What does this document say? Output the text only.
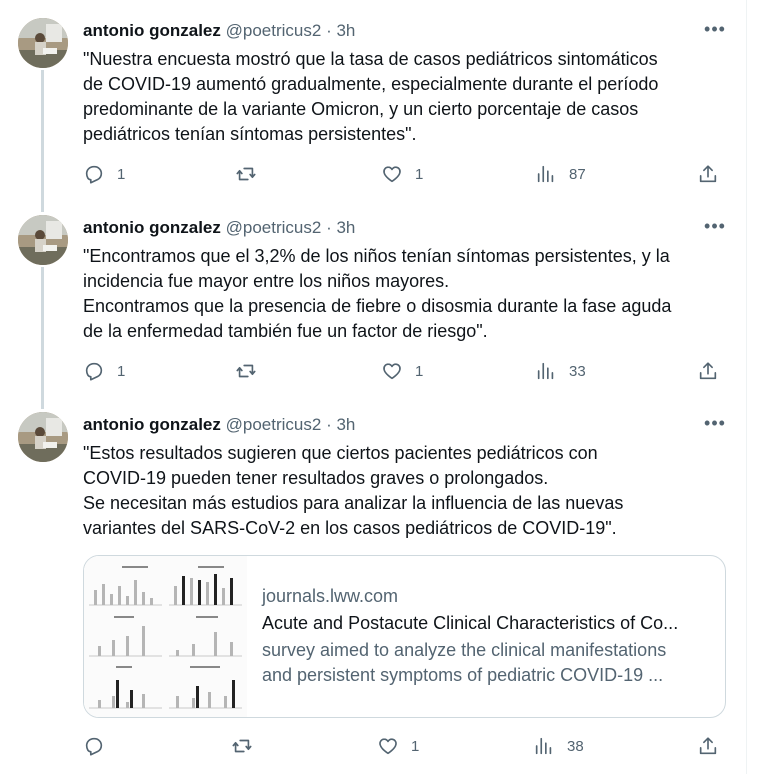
antonio gonzalez @poetricus2 · 3h	•••

"Nuestra encuesta mostró que la tasa de casos pediátricos sintomáticos

de COVID-19 aumentó gradualmente, especialmente durante el período

predominante de la variante Omicron, y un cierto porcentaje de casos

pediátricos tenían síntomas persistentes".

1	1	87
antonio gonzalez @poetricus2 · 3h	•••

"Encontramos que el 3,2% de los niños tenían síntomas persistentes, y la

incidencia fue mayor entre los niños mayores.

Encontramos que la presencia de fiebre o disosmia durante la fase aguda

de la enfermedad también fue un factor de riesgo".

1	1	33
antonio gonzalez @poetricus2 · 3h	•••

"Estos resultados sugieren que ciertos pacientes pediátricos con

COVID-19 pueden tener resultados graves o prolongados.

Se necesitan más estudios para analizar la influencia de las nuevas

variantes del SARS-CoV-2 en los casos pediátricos de COVID-19".

journals.lww.com
Acute and Postacute Clinical Characteristics of Co...
survey aimed to analyze the clinical manifestations
and persistent symptoms of pediatric COVID-19 ...
1	38
